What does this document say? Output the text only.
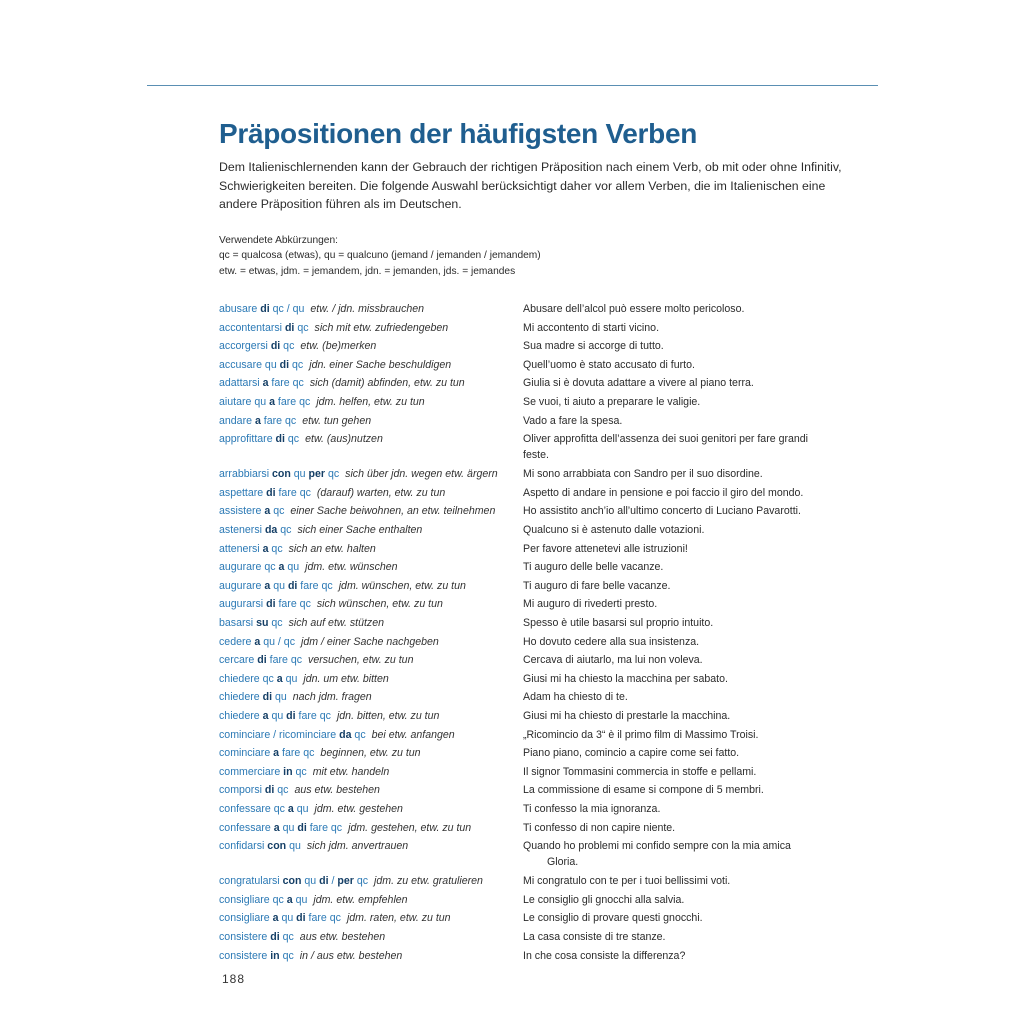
Präpositionen der häufigsten Verben

Dem Italienischlernenden kann der Gebrauch der richtigen Präposition nach einem Verb, ob mit oder ohne Infinitiv, Schwierigkeiten bereiten. Die folgende Auswahl berücksichtigt daher vor allem Verben, die im Italienischen eine andere Präposition führen als im Deutschen.

Verwendete Abkürzungen:
qc = qualcosa (etwas), qu = qualcuno (jemand / jemanden / jemandem)
etw. = etwas, jdm. = jemandem, jdn. = jemanden, jds. = jemandes
abusare di qc / qu etw. / jdn. missbrauchen	Abusare dell’alcol può essere molto pericoloso.
accontentarsi di qc sich mit etw. zufriedengeben	Mi accontento di starti vicino.
accorgersi di qc etw. (be)merken	Sua madre si accorge di tutto.
accusare qu di qc jdn. einer Sache beschuldigen	Quell’uomo è stato accusato di furto.
adattarsi a fare qc sich (damit) abfinden, etw. zu tun	Giulia si è dovuta adattare a vivere al piano terra.
aiutare qu a fare qc jdm. helfen, etw. zu tun	Se vuoi, ti aiuto a preparare le valigie.
andare a fare qc etw. tun gehen	Vado a fare la spesa.
approfittare di qc etw. (aus)nutzen	Oliver approfitta dell’assenza dei suoi genitori per fare grandi
feste.
arrabbiarsi con qu per qc sich über jdn. wegen etw. ärgern	Mi sono arrabbiata con Sandro per il suo disordine.
aspettare di fare qc (darauf) warten, etw. zu tun	Aspetto di andare in pensione e poi faccio il giro del mondo.
assistere a qc einer Sache beiwohnen, an etw. teilnehmen	Ho assistito anch’io all’ultimo concerto di Luciano Pavarotti.
astenersi da qc sich einer Sache enthalten	Qualcuno si è astenuto dalle votazioni.
attenersi a qc sich an etw. halten	Per favore attenetevi alle istruzioni!
augurare qc a qu jdm. etw. wünschen	Ti auguro delle belle vacanze.
augurare a qu di fare qc jdm. wünschen, etw. zu tun	Ti auguro di fare belle vacanze.
augurarsi di fare qc sich wünschen, etw. zu tun	Mi auguro di rivederti presto.
basarsi su qc sich auf etw. stützen	Spesso è utile basarsi sul proprio intuito.
cedere a qu / qc jdm / einer Sache nachgeben	Ho dovuto cedere alla sua insistenza.
cercare di fare qc versuchen, etw. zu tun	Cercava di aiutarlo, ma lui non voleva.
chiedere qc a qu jdn. um etw. bitten	Giusi mi ha chiesto la macchina per sabato.
chiedere di qu nach jdm. fragen	Adam ha chiesto di te.
chiedere a qu di fare qc jdn. bitten, etw. zu tun	Giusi mi ha chiesto di prestarle la macchina.
cominciare / ricominciare da qc bei etw. anfangen	„Ricomincio da 3“ è il primo film di Massimo Troisi.
cominciare a fare qc beginnen, etw. zu tun	Piano piano, comincio a capire come sei fatto.
commerciare in qc mit etw. handeln	Il signor Tommasini commercia in stoffe e pellami.
comporsi di qc aus etw. bestehen	La commissione di esame si compone di 5 membri.
confessare qc a qu jdm. etw. gestehen	Ti confesso la mia ignoranza.
confessare a qu di fare qc jdm. gestehen, etw. zu tun	Ti confesso di non capire niente.
confidarsi con qu sich jdm. anvertrauen	Quando ho problemi mi confido sempre con la mia amica
Gloria.
congratularsi con qu di / per qc jdm. zu etw. gratulieren	Mi congratulo con te per i tuoi bellissimi voti.
consigliare qc a qu jdm. etw. empfehlen	Le consiglio gli gnocchi alla salvia.
consigliare a qu di fare qc jdm. raten, etw. zu tun	Le consiglio di provare questi gnocchi.
consistere di qc aus etw. bestehen	La casa consiste di tre stanze.
consistere in qc in / aus etw. bestehen	In che cosa consiste la differenza?
188
